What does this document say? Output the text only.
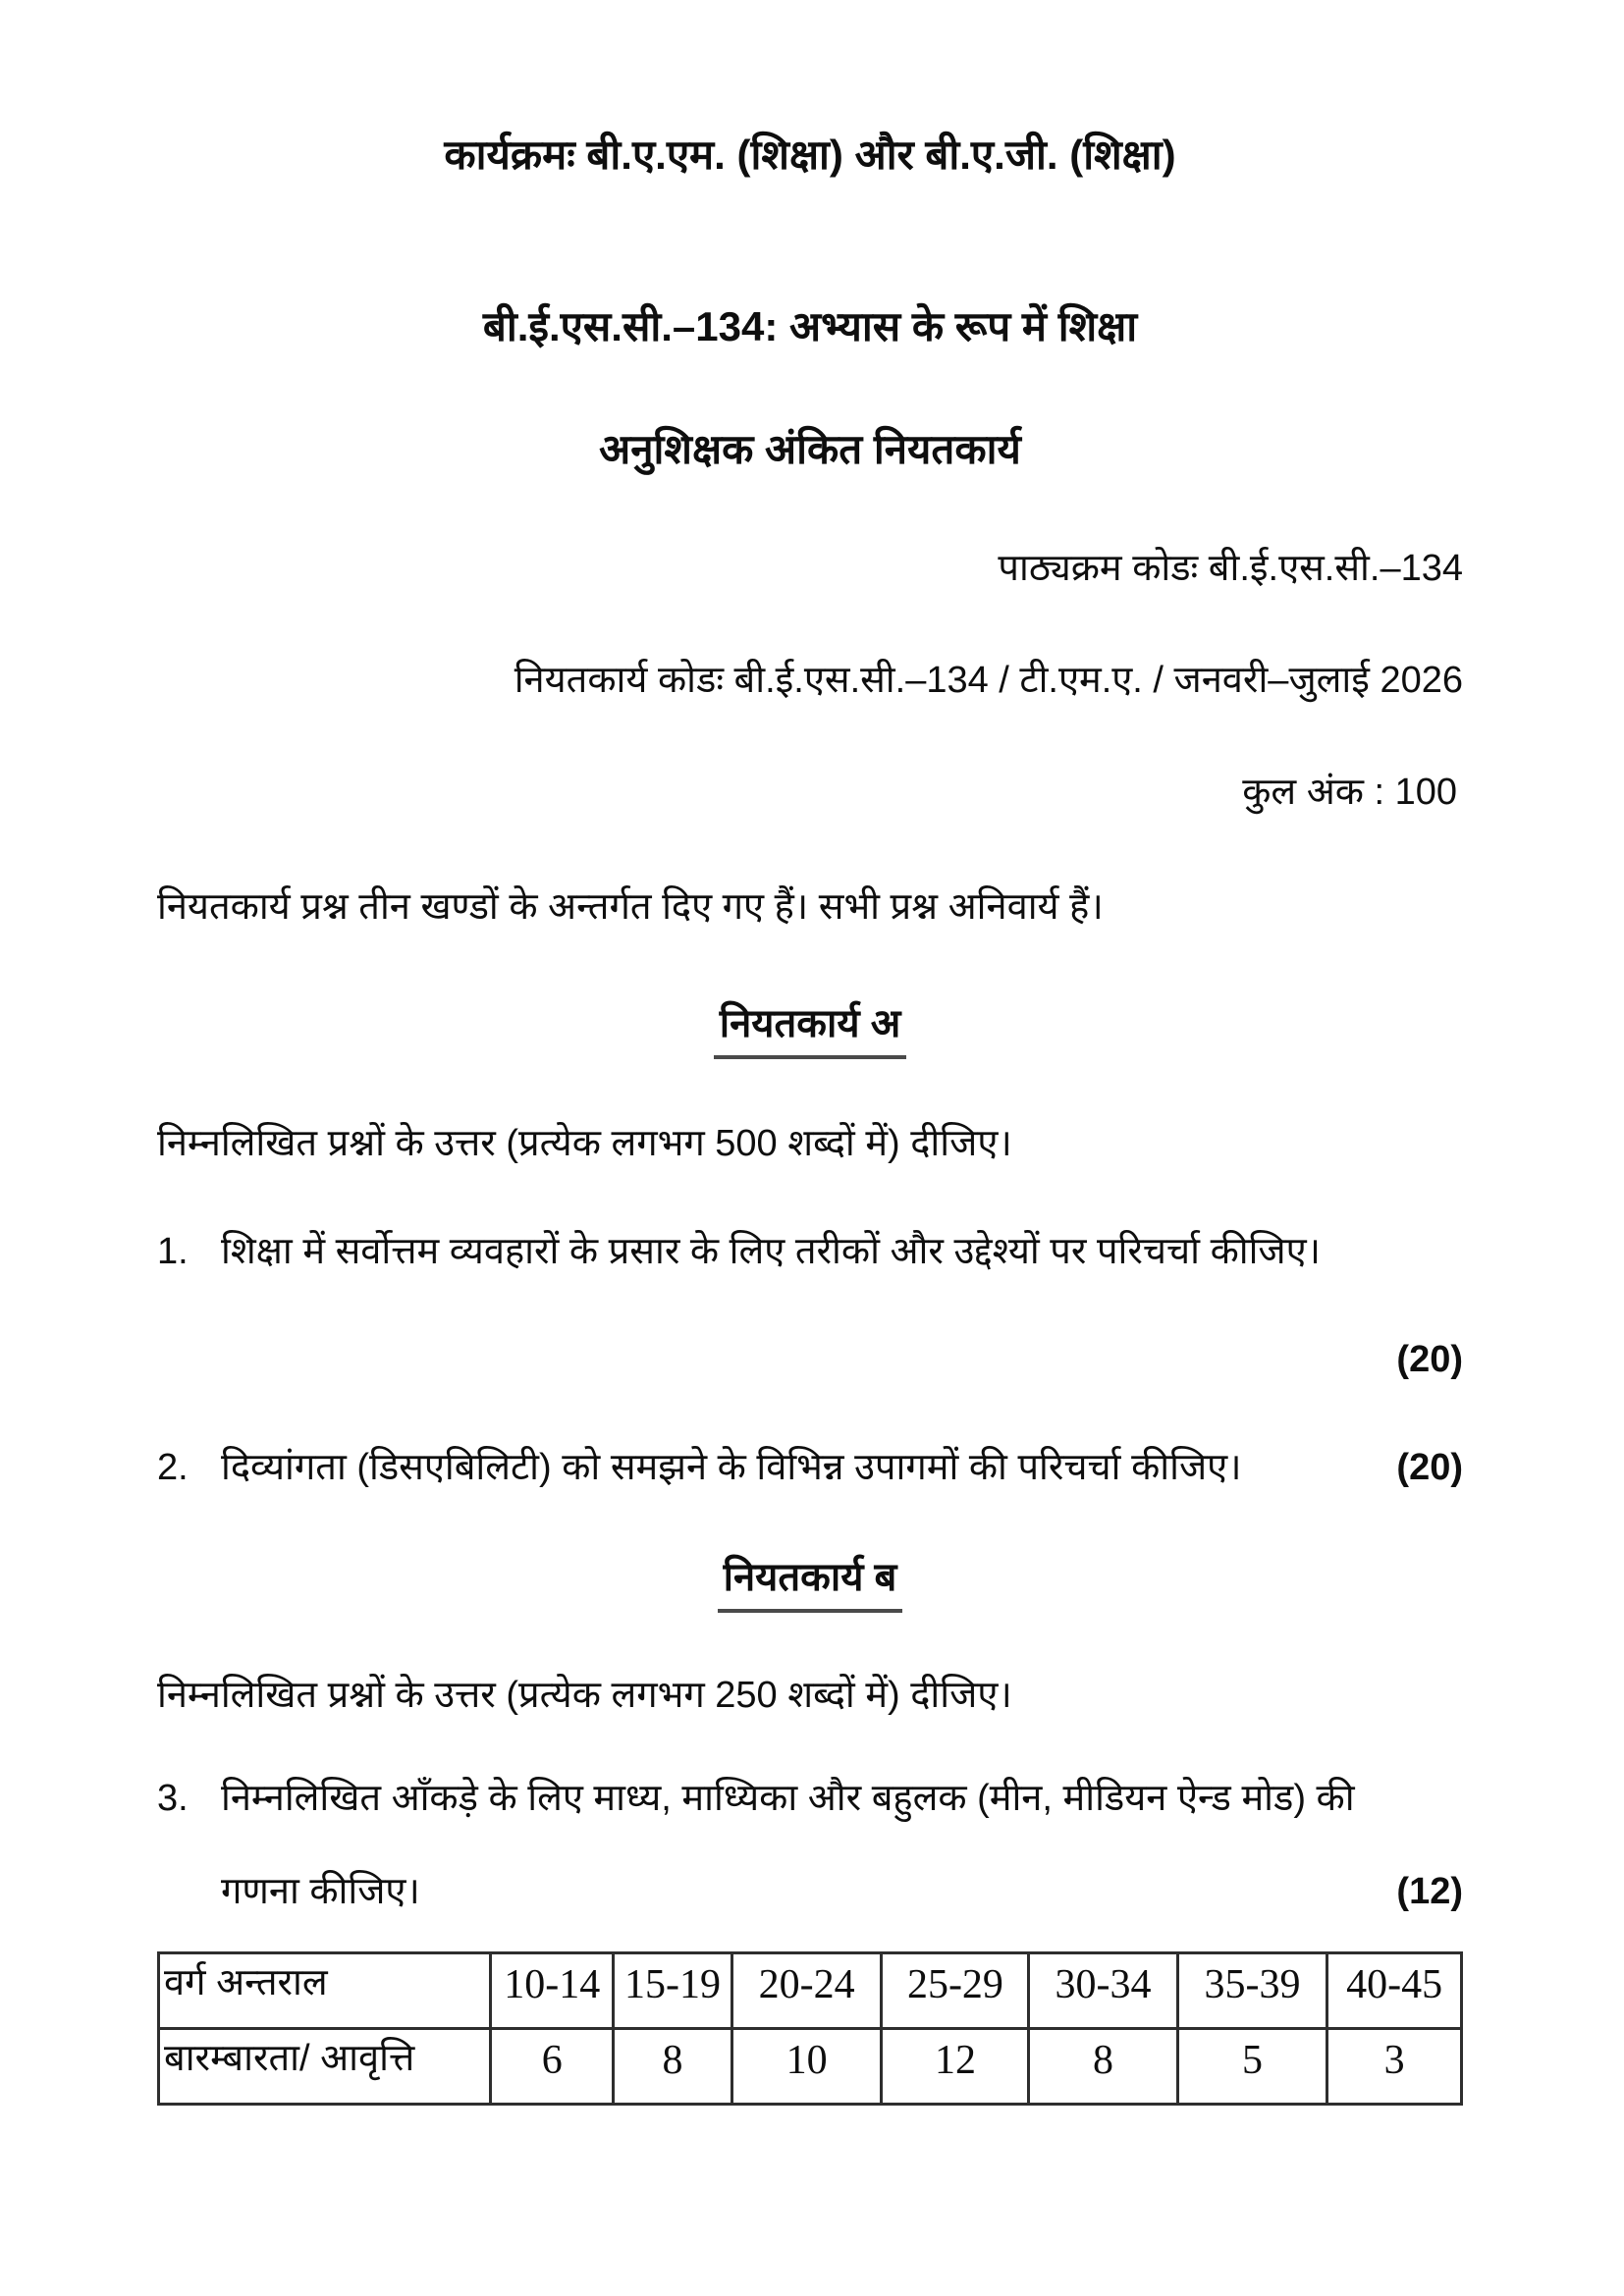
कार्यक्रमः बी.ए.एम. (शिक्षा) और बी.ए.जी. (शिक्षा)
बी.ई.एस.सी.–134: अभ्यास के रूप में शिक्षा
अनुशिक्षक अंकित नियतकार्य
पाठ्यक्रम कोडः बी.ई.एस.सी.–134
नियतकार्य कोडः बी.ई.एस.सी.–134 / टी.एम.ए. / जनवरी–जुलाई 2026
कुल अंक : 100
नियतकार्य प्रश्न तीन खण्डों के अन्तर्गत दिए गए हैं। सभी प्रश्न अनिवार्य हैं।
नियतकार्य अ
निम्नलिखित प्रश्नों के उत्तर (प्रत्येक लगभग 500 शब्दों में) दीजिए।
1. शिक्षा में सर्वोत्तम व्यवहारों के प्रसार के लिए तरीकों और उद्देश्यों पर परिचर्चा कीजिए।
(20)
2. दिव्यांगता (डिसएबिलिटी) को समझने के विभिन्न उपागमों की परिचर्चा कीजिए।	(20)
नियतकार्य ब
निम्नलिखित प्रश्नों के उत्तर (प्रत्येक लगभग 250 शब्दों में) दीजिए।
3. निम्नलिखित आँकड़े के लिए माध्य, माध्यिका और बहुलक (मीन, मीडियन ऐन्ड मोड) की
गणना कीजिए।	(12)
वर्ग अन्तराल	10-14	15-19	20-24	25-29	30-34	35-39	40-45
बारम्बारता/ आवृत्ति	6	8	10	12	8	5	3
